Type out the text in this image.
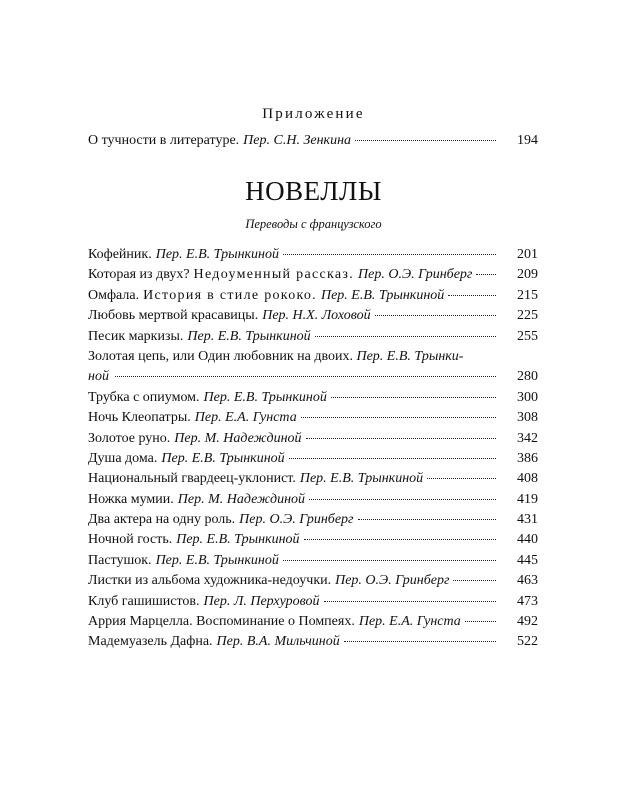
Приложение
О тучности в литературе. Пер. С.Н. Зенкина	194
НОВЕЛЛЫ
Переводы с французского
Кофейник. Пер. Е.В. Трынкиной	201
Которая из двух? Недоуменный рассказ. Пер. О.Э. Гринберг	209
Омфала. История в стиле рококо. Пер. Е.В. Трынкиной	215
Любовь мертвой красавицы. Пер. Н.Х. Лоховой	225
Песик маркизы. Пер. Е.В. Трынкиной	255
Золотая цепь, или Один любовник на двоих. Пер. Е.В. Трынки-
ной	280
Трубка с опиумом. Пер. Е.В. Трынкиной	300
Ночь Клеопатры. Пер. Е.А. Гунста	308
Золотое руно. Пер. М. Надеждиной	342
Душа дома. Пер. Е.В. Трынкиной	386
Национальный гвардеец-уклонист. Пер. Е.В. Трынкиной	408
Ножка мумии. Пер. М. Надеждиной	419
Два актера на одну роль. Пер. О.Э. Гринберг	431
Ночной гость. Пер. Е.В. Трынкиной	440
Пастушок. Пер. Е.В. Трынкиной	445
Листки из альбома художника-недоучки. Пер. О.Э. Гринберг	463
Клуб гашишистов. Пер. Л. Перхуровой	473
Аррия Марцелла. Воспоминание о Помпеях. Пер. Е.А. Гунста	492
Мадемуазель Дафна. Пер. В.А. Мильчиной	522
